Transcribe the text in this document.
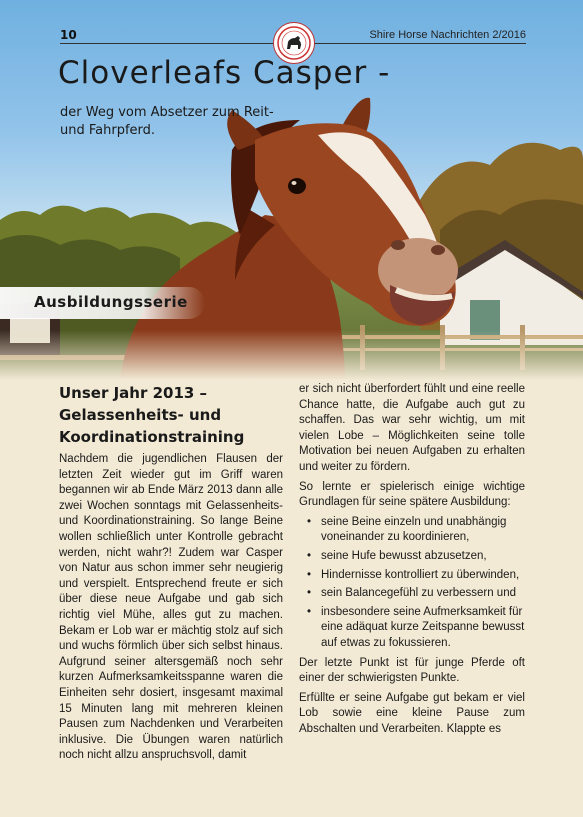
10	Shire Horse Nachrichten 2/2016
Cloverleafs Casper -
der Weg vom Absetzer zum Reit- und Fahrpferd.
Ausbildungsserie
Unser Jahr 2013 – Gelassenheits- und Koordinationstraining

Nachdem die jugendlichen Flausen der letzten Zeit wieder gut im Griff waren begannen wir ab Ende März 2013 dann alle zwei Wochen sonntags mit Gelassenheits- und Koordinationstraining. So lange Beine wollen schließlich unter Kontrolle gebracht werden, nicht wahr?! Zudem war Casper von Natur aus schon immer sehr neugierig und verspielt. Entsprechend freute er sich über diese neue Aufgabe und gab sich richtig viel Mühe, alles gut zu machen. Bekam er Lob war er mächtig stolz auf sich und wuchs förmlich über sich selbst hinaus. Aufgrund seiner altersgemäß noch sehr kurzen Aufmerksamkeitsspanne waren die Einheiten sehr dosiert, insgesamt maximal 15 Minuten lang mit mehreren kleinen Pausen zum Nachdenken und Verarbeiten inklusive. Die Übungen waren natürlich noch nicht allzu anspruchsvoll, damit

er sich nicht überfordert fühlt und eine reelle Chance hatte, die Aufgabe auch gut zu schaffen. Das war sehr wichtig, um mit vielen Lobe – Möglichkeiten seine tolle Motivation bei neuen Aufgaben zu erhalten und weiter zu fördern.

So lernte er spielerisch einige wichtige Grundlagen für seine spätere Ausbildung:

• seine Beine einzeln und unabhängig voneinander zu koordinieren,
• seine Hufe bewusst abzusetzen,
• Hindernisse kontrolliert zu überwinden,
• sein Balancegefühl zu verbessern und
• insbesondere seine Aufmerksamkeit für eine adäquat kurze Zeitspanne bewusst auf etwas zu fokussieren.

Der letzte Punkt ist für junge Pferde oft einer der schwierigsten Punkte.

Erfüllte er seine Aufgabe gut bekam er viel Lob sowie eine kleine Pause zum Abschalten und Verarbeiten. Klappte es
